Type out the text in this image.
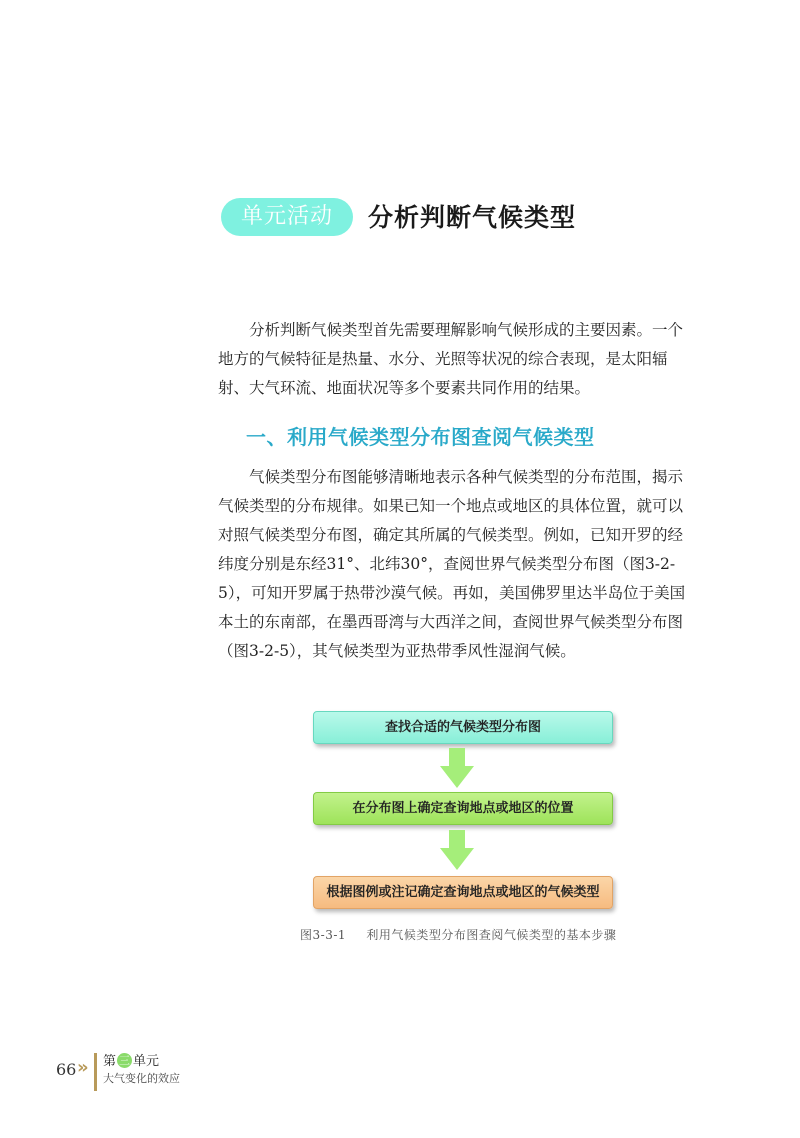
单元活动	分析判断气候类型
分析判断气候类型首先需要理解影响气候形成的主要因素。一个
地方的气候特征是热量、水分、光照等状况的综合表现，是太阳辐
射、大气环流、地面状况等多个要素共同作用的结果。
一、利用气候类型分布图查阅气候类型
气候类型分布图能够清晰地表示各种气候类型的分布范围，揭示
气候类型的分布规律。如果已知一个地点或地区的具体位置，就可以
对照气候类型分布图，确定其所属的气候类型。例如，已知开罗的经
纬度分别是东经31°、北纬30°，查阅世界气候类型分布图（图3-2-
5），可知开罗属于热带沙漠气候。再如，美国佛罗里达半岛位于美国
本土的东南部，在墨西哥湾与大西洋之间，查阅世界气候类型分布图
（图3-2-5），其气候类型为亚热带季风性湿润气候。
查找合适的气候类型分布图
在分布图上确定查询地点或地区的位置
根据图例或注记确定查询地点或地区的气候类型
图3-3-1 利用气候类型分布图查阅气候类型的基本步骤
66 » 第 三 单元
大气变化的效应
